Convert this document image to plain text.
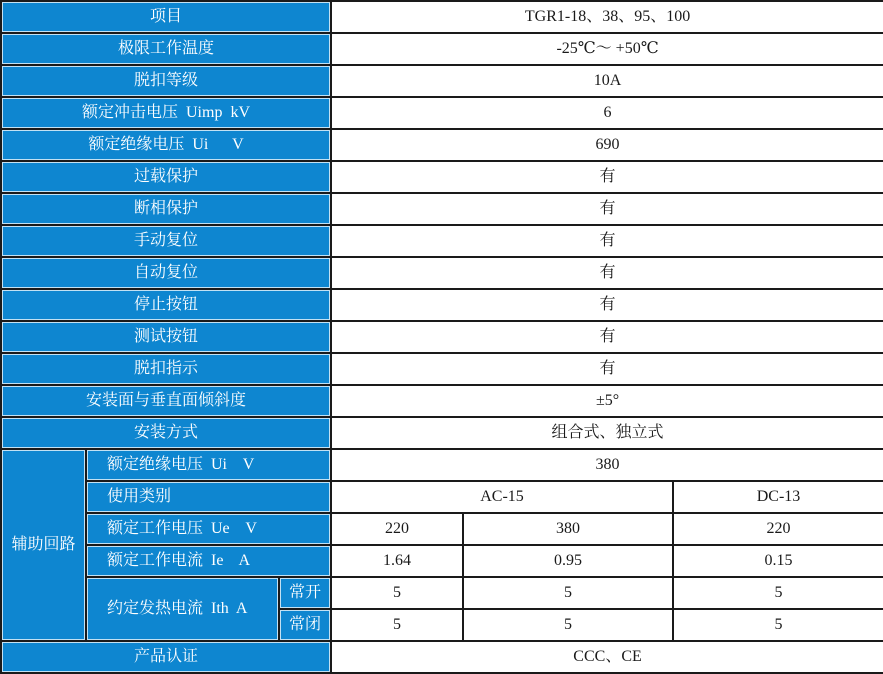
项目			TGR1-18、38、95、100		
极限工作温度			-25℃～ +50℃		
脱扣等级			10A		
额定冲击电压  Uimp  kV			6		
额定绝缘电压  Ui      V			690		
过载保护			有		
断相保护			有		
手动复位			有		
自动复位			有		
停止按钮			有		
测试按钮			有		
脱扣指示			有		
安装面与垂直面倾斜度			±5°		
安装方式			组合式、独立式		
辅助回路	额定绝缘电压  Ui    V		380		
	使用类别		AC-15		DC-13
	额定工作电压  Ue    V		220	380	220
	额定工作电流  Ie    A		1.64	0.95	0.15
	约定发热电流  Ith  A	常开	5	5	5
		常闭	5	5	5
产品认证			CCC、CE		
